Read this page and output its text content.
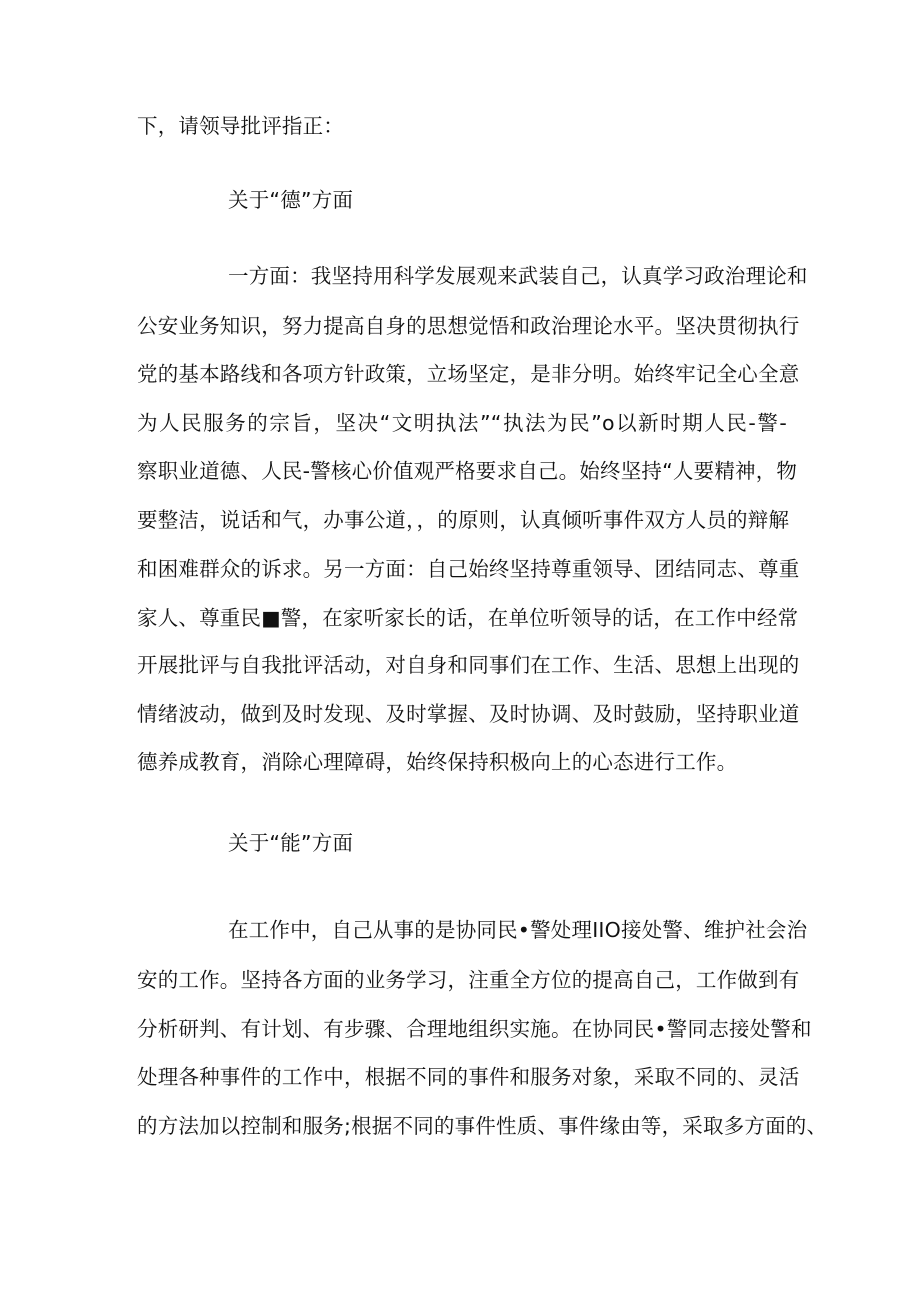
下，请领导批评指正：
关于“德”方面
一方面：我坚持用科学发展观来武装自己，认真学习政治理论和
公安业务知识，努力提高自身的思想觉悟和政治理论水平。坚决贯彻执行
党的基本路线和各项方针政策，立场坚定，是非分明。始终牢记全心全意
为人民服务的宗旨，坚决“文明执法”“执法为民”o以新时期人民-警-
察职业道德、人民-警核心价值观严格要求自己。始终坚持“人要精神，物
要整洁，说话和气，办事公道，，的原则，认真倾听事件双方人员的辩解
和困难群众的诉求。另一方面：自己始终坚持尊重领导、团结同志、尊重
家人、尊重民■警，在家听家长的话，在单位听领导的话，在工作中经常
开展批评与自我批评活动，对自身和同事们在工作、生活、思想上出现的
情绪波动，做到及时发现、及时掌握、及时协调、及时鼓励，坚持职业道
德养成教育，消除心理障碍，始终保持积极向上的心态进行工作。
关于“能”方面
在工作中，自己从事的是协同民•警处理IIO接处警、维护社会治
安的工作。坚持各方面的业务学习，注重全方位的提高自己，工作做到有
分析研判、有计划、有步骤、合理地组织实施。在协同民•警同志接处警和
处理各种事件的工作中，根据不同的事件和服务对象，采取不同的、灵活
的方法加以控制和服务;根据不同的事件性质、事件缘由等，采取多方面的、
